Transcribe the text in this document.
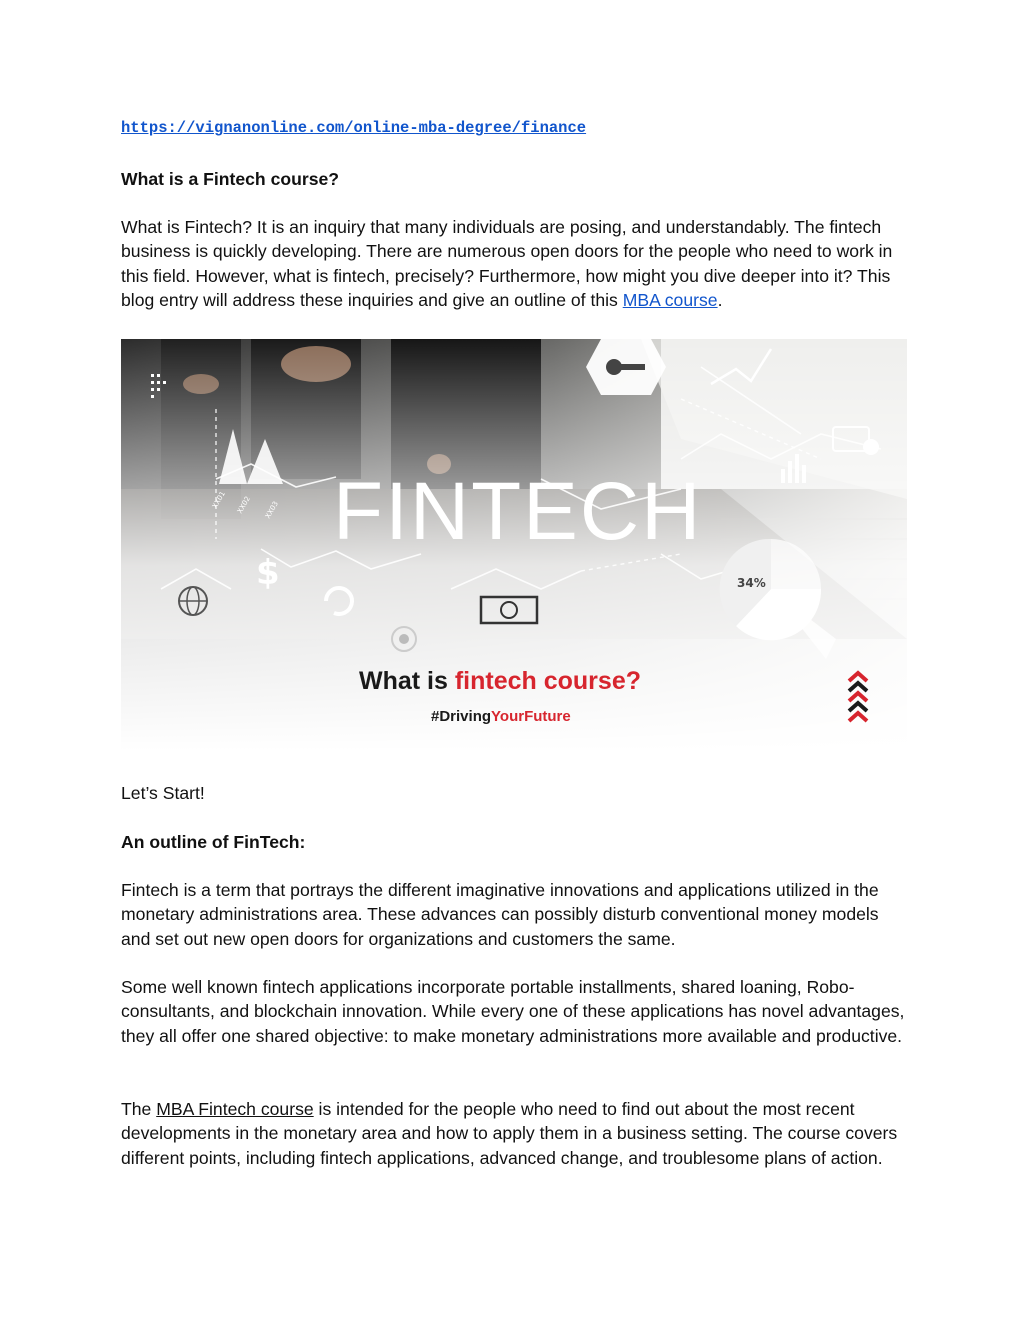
https://vignanonline.com/online-mba-degree/finance

What is a Fintech course?

What is Fintech? It is an inquiry that many individuals are posing, and understandably. The fintech business is quickly developing. There are numerous open doors for the people who need to work in this field. However, what is fintech, precisely? Furthermore, how might you dive deeper into it? This blog entry will address these inquiries and give an outline of this MBA course.

Let’s Start!

An outline of FinTech:

Fintech is a term that portrays the different imaginative innovations and applications utilized in the monetary administrations area. These advances can possibly disturb conventional money models and set out new open doors for organizations and customers the same.

Some well known fintech applications incorporate portable installments, shared loaning, Robo-consultants, and blockchain innovation. While every one of these applications has novel advantages, they all offer one shared objective: to make monetary administrations more available and productive.

The MBA Fintech course is intended for the people who need to find out about the most recent developments in the monetary area and how to apply them in a business setting. The course covers different points, including fintech applications, advanced change, and troublesome plans of action.

XX01 XX02 XX03
$	34%
FINTECH
What is fintech course?
#DrivingYourFuture
